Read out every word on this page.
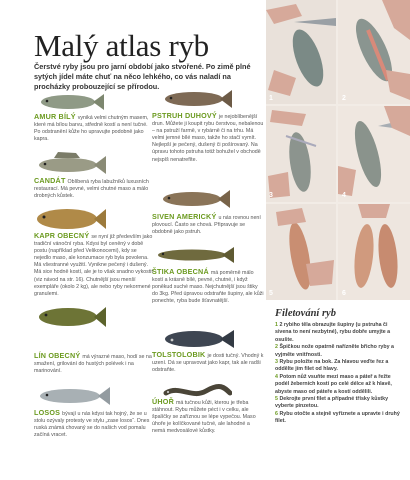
Malý atlas ryb
Čerstvé ryby jsou pro jarní období jako stvořené. Po zimě plné sytých jídel máte chuť na něco lehkého, co vás naladí na procházky probouzející se přírodou.
AMUR BÍLÝ vyniká velmi chutným masem, které má bílou barvu, středně kostí a není tučné. Po odstranění kůže ho upravujte podobně jako kapra.
CANDÁT Oblíbená ryba labužníků luxusních restaurací. Má pevné, velmi chutné maso a málo drobných kůstek.
KAPR OBECNÝ se nyní již především jako tradiční vánoční ryba. Kdysi byl ceněný v době postu (například před Velikonocemi), kdy se nejedlo maso, ale konzumace ryb byla povolena. Má všestranné využití. Vynikne pečený i dušený. Má sice hodně kostí, ale je to však snadno vykostit (viz návod na str. 16). Chutnější jsou menší exempláře (okolo 2 kg), ale nebo ryby nekormené granulemi.
LÍN OBECNÝ má výrazné maso, hodí se na smažení, grilování do hustých polévek i na marinování.
LOSOS bývají u nás kdysi tak hojný, že se u stolu ozývaly protesty ve stylu „zase losos“. Dnes ruská známá chovaný se do našich vod pomalu začíná vracet.
PSTRUH DUHOVÝ je nejoblíbenější drun. Můžete ji koupit rybu čerstvou, nebalenou – na pstruží farmě, v rybárně či na trhu. Má velmi jemné bílé maso, takže ho stačí vymít. Nejlepší je pečený, dušený či pošírovaný. Na úpravu tohoto pstruha totiž bohužel v obchodě nejspíš nenatrefíte.
SIVEN AMERICKÝ u nás rovnou není plovoucí. Často se chová. Připravuje se obdobně jako pstruh.
ŠTIKA OBECNÁ má poměrně málo kostí a krásně bílé, pevné, chutné, i když poněkud suché maso. Nejchutnější jsou štiky do 3kg. Před úpravou odstraňte šupiny, ale kůži ponechte, ryba bude šťavnatější.
TOLSTOLOBIK je dosti tučný. Vhodný k uzení. Dá se upravovat jako kapr, tak ale radši odstraňte.
ÚHOŘ má tučnou kůži, kterou je třeba stáhnout. Rybu můžete péct i v celku, ale špalíčky se zaříznou se lépe vypečou. Maso úhoře je kolíčkované tučné, ale lahodné a nemá medvosálové kůstky.
1	2
3	4
5	6
Filetování ryb
1 2 rybiho těla obrazujte šupiny (u pstruha či sivena to není nezbytné), rybu dobře umyjte a osušte.
2 Špičkou nože opatrně nařízněte břicho ryby a vyjměte vnitřnosti.
3 Rybu položte na bok. Za hlavou veďte řez a oddělte jím filet od hlavy.
4 Potom nůž vsuňte mezi maso a páteř a řežte podél žeberních kostí po celé délce až k hlavě, abyste maso od páteře a kostí oddělili.
5 Dekrojte první filet a případné třísky kůstky vyberte pinzetou.
6 Rybu otočte a stejně vyříznete a upravte i druhý filet.
